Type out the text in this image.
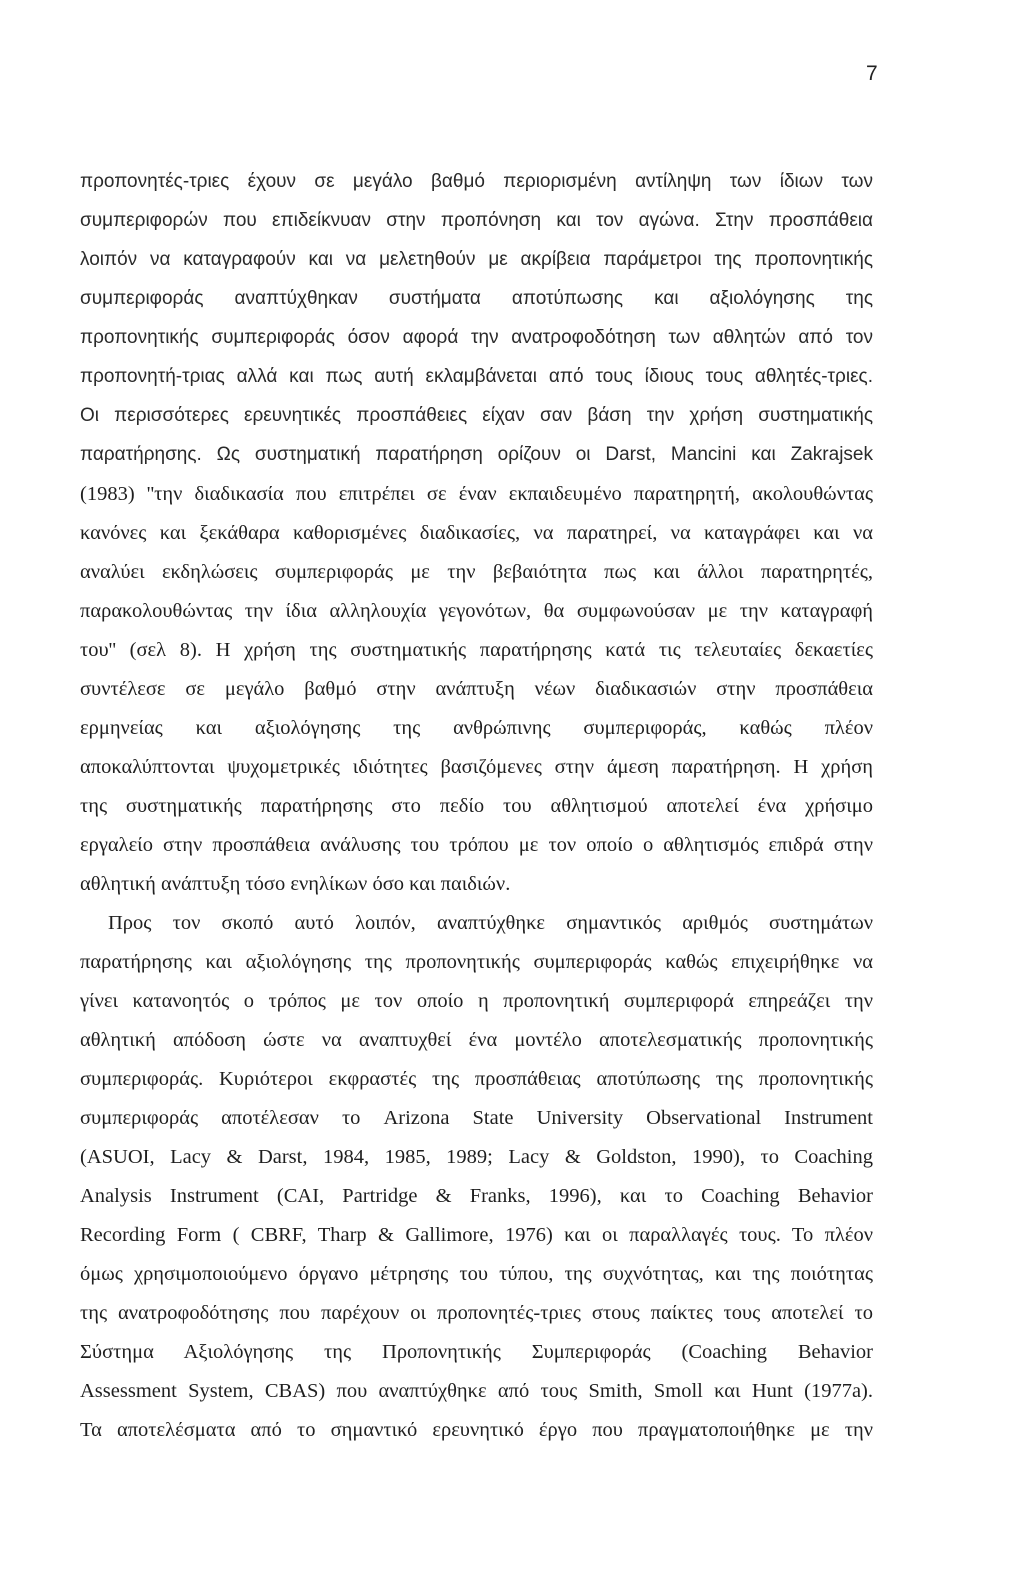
7
προπονητές-τριες έχουν σε μεγάλο βαθμό περιορισμένη αντίληψη των ίδιων των
συμπεριφορών που επιδείκνυαν στην προπόνηση και τον αγώνα. Στην προσπάθεια
λοιπόν να καταγραφούν και να μελετηθούν με ακρίβεια παράμετροι της προπονητικής
συμπεριφοράς αναπτύχθηκαν συστήματα αποτύπωσης και αξιολόγησης της
προπονητικής συμπεριφοράς όσον αφορά την ανατροφοδότηση των αθλητών από τον
προπονητή-τριας αλλά και πως αυτή εκλαμβάνεται από τους ίδιους τους αθλητές-τριες.
Οι περισσότερες ερευνητικές προσπάθειες είχαν σαν βάση την χρήση συστηματικής
παρατήρησης. Ως συστηματική παρατήρηση ορίζουν οι Darst, Mancini και Zakrajsek
(1983) ''την διαδικασία που επιτρέπει σε έναν εκπαιδευμένο παρατηρητή, ακολουθώντας
κανόνες και ξεκάθαρα καθορισμένες διαδικασίες, να παρατηρεί, να καταγράφει και να
αναλύει εκδηλώσεις συμπεριφοράς με την βεβαιότητα πως και άλλοι παρατηρητές,
παρακολουθώντας την ίδια αλληλουχία γεγονότων, θα συμφωνούσαν με την καταγραφή
του'' (σελ 8). Η χρήση της συστηματικής παρατήρησης κατά τις τελευταίες δεκαετίες
συντέλεσε σε μεγάλο βαθμό στην ανάπτυξη νέων διαδικασιών στην προσπάθεια
ερμηνείας και αξιολόγησης της ανθρώπινης συμπεριφοράς, καθώς πλέον
αποκαλύπτονται ψυχομετρικές ιδιότητες βασιζόμενες στην άμεση παρατήρηση. Η χρήση
της συστηματικής παρατήρησης στο πεδίο του αθλητισμού αποτελεί ένα χρήσιμο
εργαλείο στην προσπάθεια ανάλυσης του τρόπου με τον οποίο ο αθλητισμός επιδρά στην
αθλητική ανάπτυξη τόσο ενηλίκων όσο και παιδιών.
Προς τον σκοπό αυτό λοιπόν, αναπτύχθηκε σημαντικός αριθμός συστημάτων
παρατήρησης και αξιολόγησης της προπονητικής συμπεριφοράς καθώς επιχειρήθηκε να
γίνει κατανοητός ο τρόπος με τον οποίο η προπονητική συμπεριφορά επηρεάζει την
αθλητική απόδοση ώστε να αναπτυχθεί ένα μοντέλο αποτελεσματικής προπονητικής
συμπεριφοράς. Κυριότεροι εκφραστές της προσπάθειας αποτύπωσης της προπονητικής
συμπεριφοράς αποτέλεσαν το Arizona State University Observational Instrument
(ASUOI, Lacy & Darst, 1984, 1985, 1989; Lacy & Goldston, 1990), το Coaching
Analysis Instrument (CAI, Partridge & Franks, 1996), και το Coaching Behavior
Recording Form ( CBRF, Tharp & Gallimore, 1976) και οι παραλλαγές τους. Το πλέον
όμως χρησιμοποιούμενο όργανο μέτρησης του τύπου, της συχνότητας, και της ποιότητας
της ανατροφοδότησης που παρέχουν οι προπονητές-τριες στους παίκτες τους αποτελεί το
Σύστημα Αξιολόγησης της Προπονητικής Συμπεριφοράς (Coaching Behavior
Assessment System, CBAS) που αναπτύχθηκε από τους Smith, Smoll και Hunt (1977a).
Τα αποτελέσματα από το σημαντικό ερευνητικό έργο που πραγματοποιήθηκε με την
